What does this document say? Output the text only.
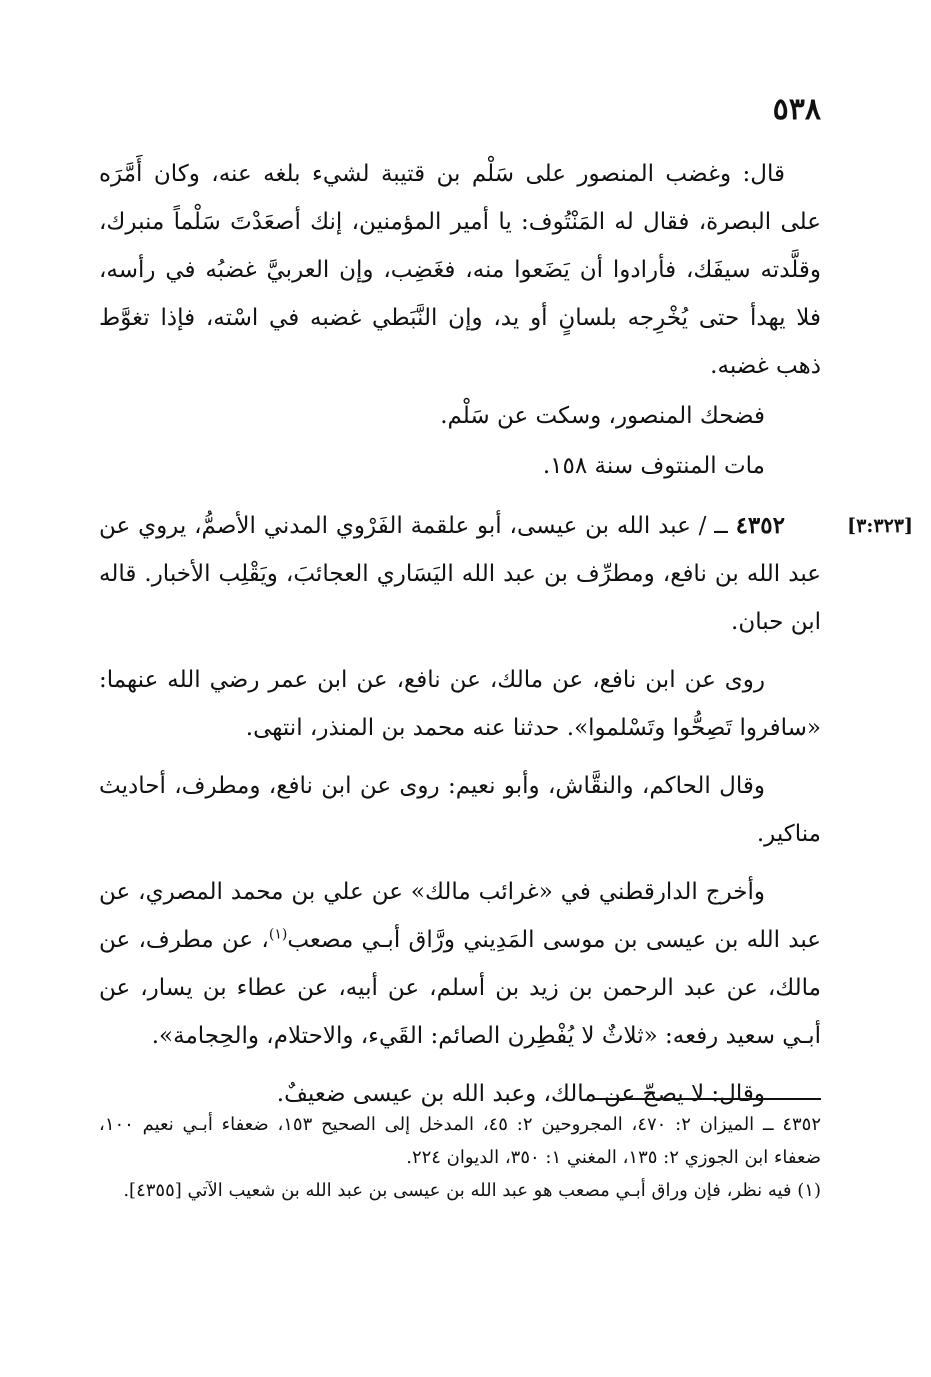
٥٣٨

قال: وغضب المنصور على سَلْم بن قتيبة لشيء بلغه عنه، وكان أَمَّرَه على البصرة، فقال له المَنْتُوف: يا أمير المؤمنين، إنك أصعَدْتَ سَلْماً منبرك، وقلَّدته سيفَك، فأرادوا أن يَضَعوا منه، فغَضِب، وإن العربيَّ غضبُه في رأسه، فلا يهدأ حتى يُخْرِجه بلسانٍ أو يد، وإن النَّبَطي غضبه في اسْته، فإذا تغوَّط ذهب غضبه.

فضحك المنصور، وسكت عن سَلْم.

مات المنتوف سنة ١٥٨.

[٣:٣٢٣]

٤٣٥٢ ــ / عبد الله بن عيسى، أبو علقمة الفَرْوي المدني الأصمُّ، يروي عن عبد الله بن نافع، ومطرِّف بن عبد الله اليَسَاري العجائبَ، ويَقْلِب الأخبار. قاله ابن حبان.

روى عن ابن نافع، عن مالك، عن نافع، عن ابن عمر رضي الله عنهما: «سافروا تَصِحُّوا وتَسْلموا». حدثنا عنه محمد بن المنذر، انتهى.

وقال الحاكم، والنقَّاش، وأبو نعيم: روى عن ابن نافع، ومطرف، أحاديث مناكير.

وأخرج الدارقطني في «غرائب مالك» عن علي بن محمد المصري، عن عبد الله بن عيسى بن موسى المَدِيني ورَّاق أبـي مصعب$^{(١)}$، عن مطرف، عن مالك، عن عبد الرحمن بن زيد بن أسلم، عن أبيه، عن عطاء بن يسار، عن أبـي سعيد رفعه: «ثلاثٌ لا يُفْطِرن الصائم: القَيء، والاحتلام، والحِجامة».

وقال: لا يصحّ عن مالك، وعبد الله بن عيسى ضعيفٌ.

٤٣٥٢ ــ الميزان ٢: ٤٧٠، المجروحين ٢: ٤٥، المدخل إلى الصحيح ١٥٣، ضعفاء أبـي نعيم ١٠٠، ضعفاء ابن الجوزي ٢: ١٣٥، المغني ١: ٣٥٠، الديوان ٢٢٤.

(١) فيه نظر، فإن وراق أبـي مصعب هو عبد الله بن عيسى بن عبد الله بن شعيب الآتي [٤٣٥٥].
